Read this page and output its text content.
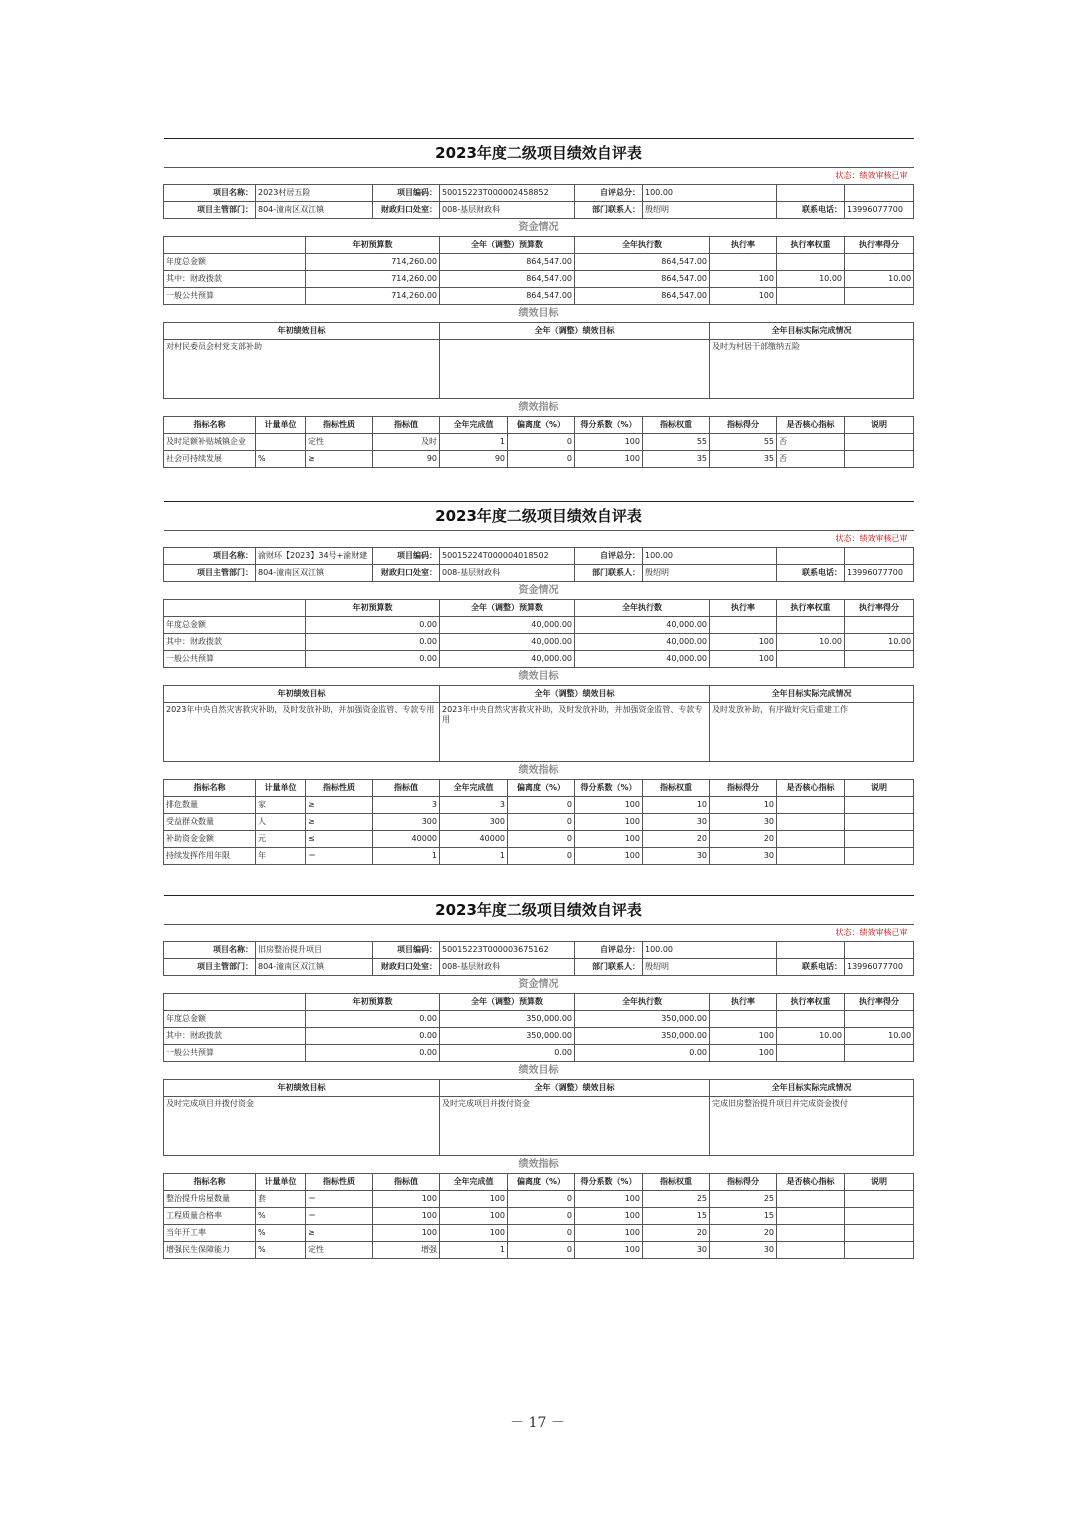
2023年度二级项目绩效自评表										
状态：绩效审核已审										
项目名称：	2023村居五险		项目编码：	50015223T000002458852		自评总分：	100.00			
项目主管部门：	804-潼南区双江镇		财政归口处室：	008-基层财政科		部门联系人：	殷绍明		联系电话：	13996077700
资金情况										
		年初预算数		全年（调整）预算数		全年执行数		执行率	执行率权重	执行率得分
年度总金额		714,260.00		864,547.00		864,547.00				
其中：财政拨款		714,260.00		864,547.00		864,547.00		100	10.00	10.00
一般公共预算		714,260.00		864,547.00		864,547.00		100		
绩效目标										
年初绩效目标				全年（调整）绩效目标				全年目标实际完成情况		
对村民委员会村党支部补助								及时为村居干部缴纳五险		
绩效指标										
指标名称	计量单位	指标性质	指标值	全年完成值	偏离度（%）	得分系数（%）	指标权重	指标得分	是否核心指标	说明
及时足额补贴城镇企业		定性	及时	1	0	100	55	55	否	
社会可持续发展	%	≥	90	90	0	100	35	35	否	
2023年度二级项目绩效自评表										
状态：绩效审核已审										
项目名称：	渝财环【2023】34号+渝财建		项目编码：	50015224T000004018502		自评总分：	100.00			
项目主管部门：	804-潼南区双江镇		财政归口处室：	008-基层财政科		部门联系人：	殷绍明		联系电话：	13996077700
资金情况										
		年初预算数		全年（调整）预算数		全年执行数		执行率	执行率权重	执行率得分
年度总金额		0.00		40,000.00		40,000.00				
其中：财政拨款		0.00		40,000.00		40,000.00		100	10.00	10.00
一般公共预算		0.00		40,000.00		40,000.00		100		
绩效目标										
年初绩效目标				全年（调整）绩效目标				全年目标实际完成情况		
2023年中央自然灾害救灾补助，及时发放补助，并加强资金监管、专款专用				2023年中央自然灾害救灾补助，及时发放补助，并加强资金监管、专款专用				及时发放补助，有序做好灾后重建工作		
绩效指标										
指标名称	计量单位	指标性质	指标值	全年完成值	偏离度（%）	得分系数（%）	指标权重	指标得分	是否核心指标	说明
排危数量	家	≥	3	3	0	100	10	10		
受益群众数量	人	≥	300	300	0	100	30	30		
补助资金金额	元	≤	40000	40000	0	100	20	20		
持续发挥作用年限	年	＝	1	1	0	100	30	30		
2023年度二级项目绩效自评表										
状态：绩效审核已审										
项目名称：	旧房整治提升项目		项目编码：	50015223T000003675162		自评总分：	100.00			
项目主管部门：	804-潼南区双江镇		财政归口处室：	008-基层财政科		部门联系人：	殷绍明		联系电话：	13996077700
资金情况										
		年初预算数		全年（调整）预算数		全年执行数		执行率	执行率权重	执行率得分
年度总金额		0.00		350,000.00		350,000.00				
其中：财政拨款		0.00		350,000.00		350,000.00		100	10.00	10.00
一般公共预算		0.00		0.00		0.00		100		
绩效目标										
年初绩效目标				全年（调整）绩效目标				全年目标实际完成情况		
及时完成项目并拨付资金				及时完成项目并拨付资金				完成旧房整治提升项目并完成资金拨付		
绩效指标										
指标名称	计量单位	指标性质	指标值	全年完成值	偏离度（%）	得分系数（%）	指标权重	指标得分	是否核心指标	说明
整治提升房屋数量	套	＝	100	100	0	100	25	25		
工程质量合格率	%	＝	100	100	0	100	15	15		
当年开工率	%	≥	100	100	0	100	20	20		
增强民生保障能力	%	定性	增强	1	0	100	30	30		
－ 17 －
